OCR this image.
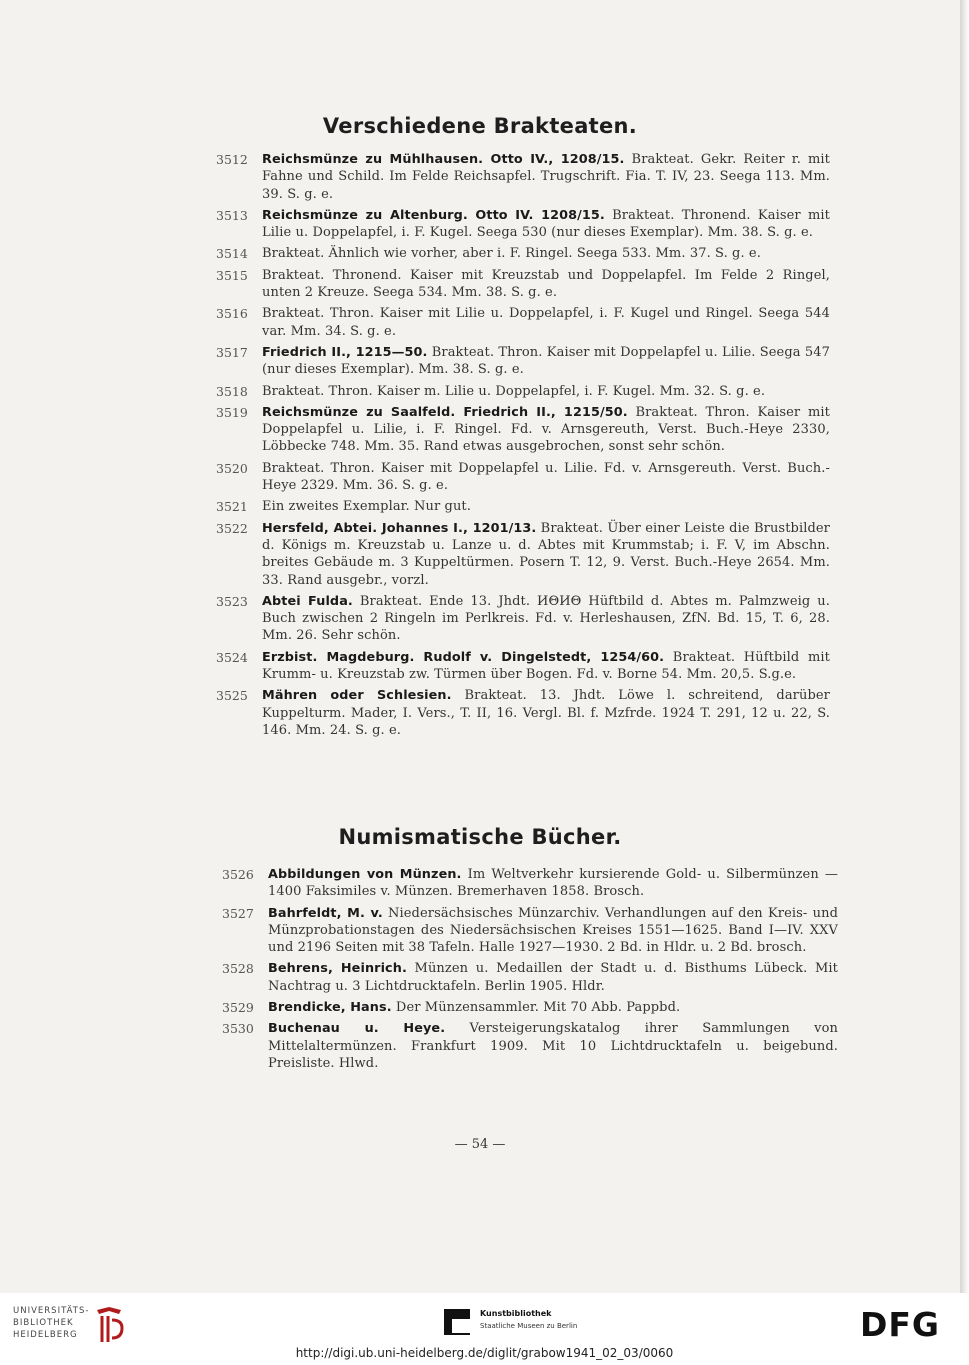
Verschiedene Brakteaten.
3512	Reichsmünze zu Mühlhausen. Otto IV., 1208/15. Brakteat. Gekr. Reiter r. mit Fahne und Schild. Im Felde Reichsapfel. Trugschrift. Fia. T. IV, 23. Seega 113. Mm. 39. S. g. e.
3513	Reichsmünze zu Altenburg. Otto IV. 1208/15. Brakteat. Thronend. Kaiser mit Lilie u. Doppelapfel, i. F. Kugel. Seega 530 (nur dieses Exemplar). Mm. 38. S. g. e.
3514	Brakteat. Ähnlich wie vorher, aber i. F. Ringel. Seega 533. Mm. 37. S. g. e.
3515	Brakteat. Thronend. Kaiser mit Kreuzstab und Doppelapfel. Im Felde 2 Ringel, unten 2 Kreuze. Seega 534. Mm. 38. S. g. e.
3516	Brakteat. Thron. Kaiser mit Lilie u. Doppelapfel, i. F. Kugel und Ringel. Seega 544 var. Mm. 34. S. g. e.
3517	Friedrich II., 1215—50. Brakteat. Thron. Kaiser mit Doppelapfel u. Lilie. Seega 547 (nur dieses Exemplar). Mm. 38. S. g. e.
3518	Brakteat. Thron. Kaiser m. Lilie u. Doppelapfel, i. F. Kugel. Mm. 32. S. g. e.
3519	Reichsmünze zu Saalfeld. Friedrich II., 1215/50. Brakteat. Thron. Kaiser mit Doppelapfel u. Lilie, i. F. Ringel. Fd. v. Arnsgereuth, Verst. Buch.-Heye 2330, Löbbecke 748. Mm. 35. Rand etwas ausgebrochen, sonst sehr schön.
3520	Brakteat. Thron. Kaiser mit Doppelapfel u. Lilie. Fd. v. Arnsgereuth. Verst. Buch.-Heye 2329. Mm. 36. S. g. e.
3521	Ein zweites Exemplar. Nur gut.
3522	Hersfeld, Abtei. Johannes I., 1201/13. Brakteat. Über einer Leiste die Brustbilder d. Königs m. Kreuzstab u. Lanze u. d. Abtes mit Krummstab; i. F. V, im Abschn. breites Gebäude m. 3 Kuppeltürmen. Posern T. 12, 9. Verst. Buch.-Heye 2654. Mm. 33. Rand ausgebr., vorzl.
3523	Abtei Fulda. Brakteat. Ende 13. Jhdt. ИΘИΘ Hüftbild d. Abtes m. Palmzweig u. Buch zwischen 2 Ringeln im Perlkreis. Fd. v. Herleshausen, ZfN. Bd. 15, T. 6, 28. Mm. 26. Sehr schön.
3524	Erzbist. Magdeburg. Rudolf v. Dingelstedt, 1254/60. Brakteat. Hüftbild mit Krumm- u. Kreuzstab zw. Türmen über Bogen. Fd. v. Borne 54. Mm. 20,5. S.g.e.
3525	Mähren oder Schlesien. Brakteat. 13. Jhdt. Löwe l. schreitend, darüber Kuppelturm. Mader, I. Vers., T. II, 16. Vergl. Bl. f. Mzfrde. 1924 T. 291, 12 u. 22, S. 146. Mm. 24. S. g. e.
Numismatische Bücher.
3526	Abbildungen von Münzen. Im Weltverkehr kursierende Gold- u. Silbermünzen — 1400 Faksimiles v. Münzen. Bremerhaven 1858. Brosch.
3527	Bahrfeldt, M. v. Niedersächsisches Münzarchiv. Verhandlungen auf den Kreis- und Münzprobationstagen des Niedersächsischen Kreises 1551—1625. Band I—IV. XXV und 2196 Seiten mit 38 Tafeln. Halle 1927—1930. 2 Bd. in Hldr. u. 2 Bd. brosch.
3528	Behrens, Heinrich. Münzen u. Medaillen der Stadt u. d. Bisthums Lübeck. Mit Nachtrag u. 3 Lichtdrucktafeln. Berlin 1905. Hldr.
3529	Brendicke, Hans. Der Münzensammler. Mit 70 Abb. Pappbd.
3530	Buchenau u. Heye. Versteigerungskatalog ihrer Sammlungen von Mittelaltermünzen. Frankfurt 1909. Mit 10 Lichtdrucktafeln u. beigebund. Preisliste. Hlwd.

— 54 —

UNIVERSITÄTS-
BIBLIOTHEK
HEIDELBERG
Kunstbibliothek
Staatliche Museen zu Berlin	DFG
http://digi.ub.uni-heidelberg.de/diglit/grabow1941_02_03/0060
